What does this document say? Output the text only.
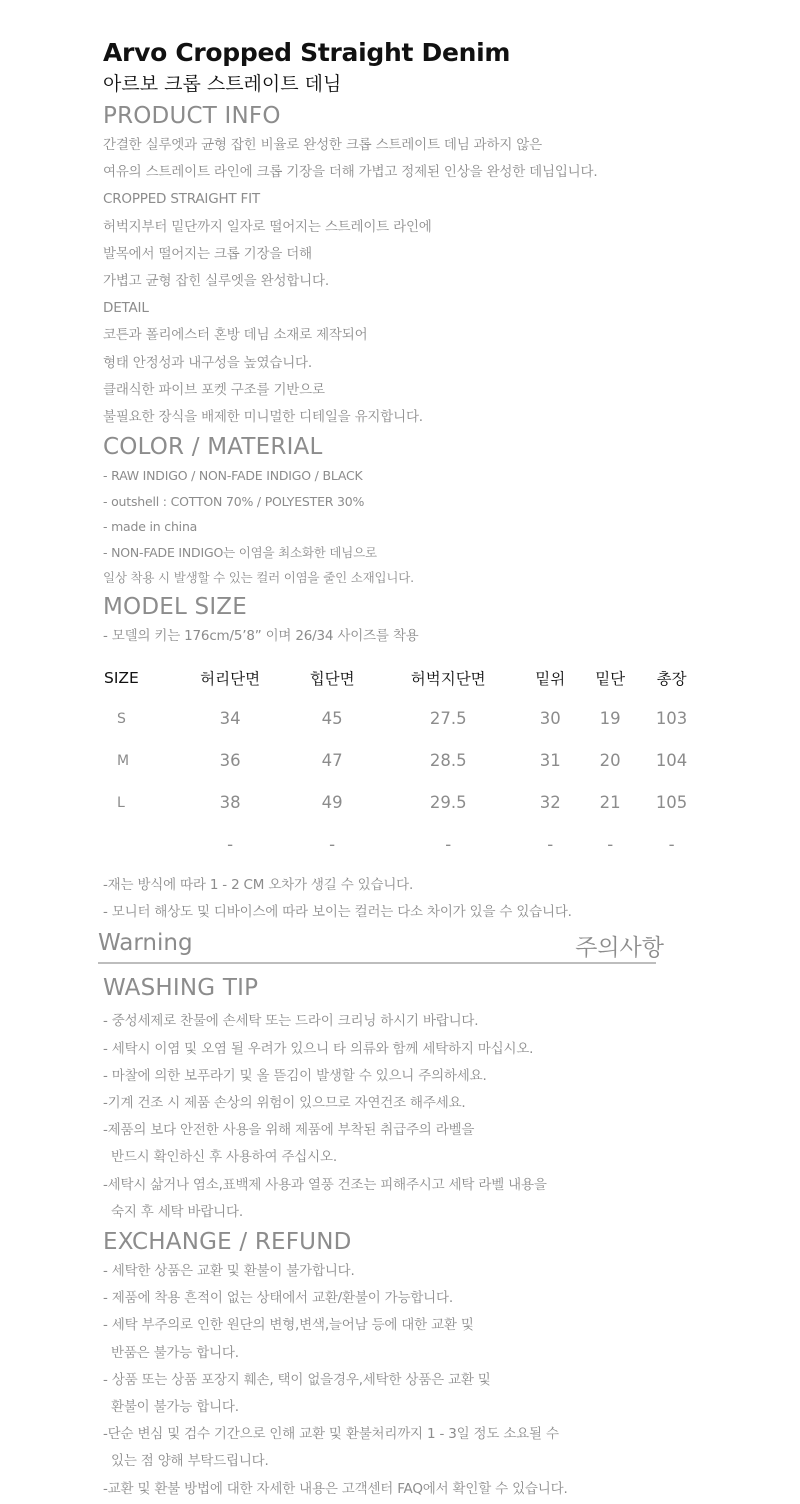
Arvo Cropped Straight Denim
아르보 크롭 스트레이트 데님
PRODUCT INFO

간결한 실루엣과 균형 잡힌 비율로 완성한 크롭 스트레이트 데님 과하지 않은

여유의 스트레이트 라인에 크롭 기장을 더해 가볍고 정제된 인상을 완성한 데님입니다.

CROPPED STRAIGHT FIT

허벅지부터 밑단까지 일자로 떨어지는 스트레이트 라인에

발목에서 떨어지는 크롭 기장을 더해

가볍고 균형 잡힌 실루엣을 완성합니다.

DETAIL

코튼과 폴리에스터 혼방 데님 소재로 제작되어

형태 안정성과 내구성을 높였습니다.

클래식한 파이브 포켓 구조를 기반으로

불필요한 장식을 배제한 미니멀한 디테일을 유지합니다.

COLOR / MATERIAL

- RAW INDIGO / NON-FADE INDIGO / BLACK

- outshell : COTTON 70% / POLYESTER 30%

- made in china

- NON-FADE INDIGO는 이염을 최소화한 데님으로

일상 착용 시 발생할 수 있는 컬러 이염을 줄인 소재입니다.

MODEL SIZE

- 모델의 키는 176cm/5’8” 이며 26/34 사이즈를 착용

SIZE	허리단면	힙단면	허벅지단면	밑위	밑단	총장
S	34	45	27.5	30	19	103
M	36	47	28.5	31	20	104
L	38	49	29.5	32	21	105
	-	-	-	-	-	-

-재는 방식에 따라 1 - 2 CM 오차가 생길 수 있습니다.

- 모니터 해상도 및 디바이스에 따라 보이는 컬러는 다소 차이가 있을 수 있습니다.

Warning	주의사항
WASHING TIP

- 중성세제로 찬물에 손세탁 또는 드라이 크리닝 하시기 바랍니다.

- 세탁시 이염 및 오염 될 우려가 있으니 타 의류와 함께 세탁하지 마십시오.

- 마찰에 의한 보푸라기 및 올 뜯김이 발생할 수 있으니 주의하세요.

-기계 건조 시 제품 손상의 위험이 있으므로 자연건조 해주세요.

-제품의 보다 안전한 사용을 위해 제품에 부착된 취급주의 라벨을

반드시 확인하신 후 사용하여 주십시오.

-세탁시 삶거나 염소,표백제 사용과 열풍 건조는 피해주시고 세탁 라벨 내용을

숙지 후 세탁 바랍니다.

EXCHANGE / REFUND

- 세탁한 상품은 교환 및 환불이 불가합니다.

- 제품에 착용 흔적이 없는 상태에서 교환/환불이 가능합니다.

- 세탁 부주의로 인한 원단의 변형,변색,늘어남 등에 대한 교환 및

반품은 불가능 합니다.

- 상품 또는 상품 포장지 훼손, 택이 없을경우,세탁한 상품은 교환 및

환불이 불가능 합니다.

-단순 변심 및 검수 기간으로 인해 교환 및 환불처리까지 1 - 3일 정도 소요될 수

있는 점 양해 부탁드립니다.

-교환 및 환불 방법에 대한 자세한 내용은 고객센터 FAQ에서 확인할 수 있습니다.
